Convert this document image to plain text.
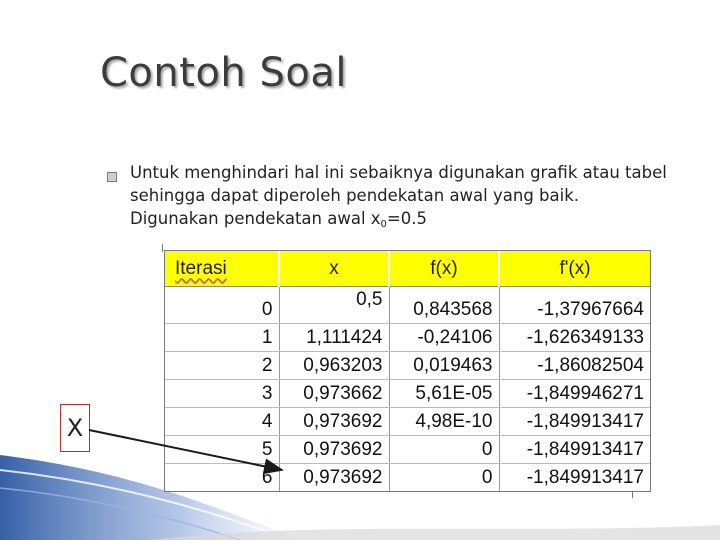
Contoh Soal
Untuk menghindari hal ini sebaiknya digunakan grafik atau tabel sehingga dapat diperoleh pendekatan awal yang baik. Digunakan pendekatan awal $x_0=0.5$
Iterasi	x	f(x)	f'(x)
0	0,5	0,843568	-1,37967664
1	1,111424	-0,24106	-1,626349133
2	0,963203	0,019463	-1,86082504
3	0,973662	5,61E-05	-1,849946271
4	0,973692	4,98E-10	-1,849913417
5	0,973692	0	-1,849913417
6	0,973692	0	-1,849913417
X
